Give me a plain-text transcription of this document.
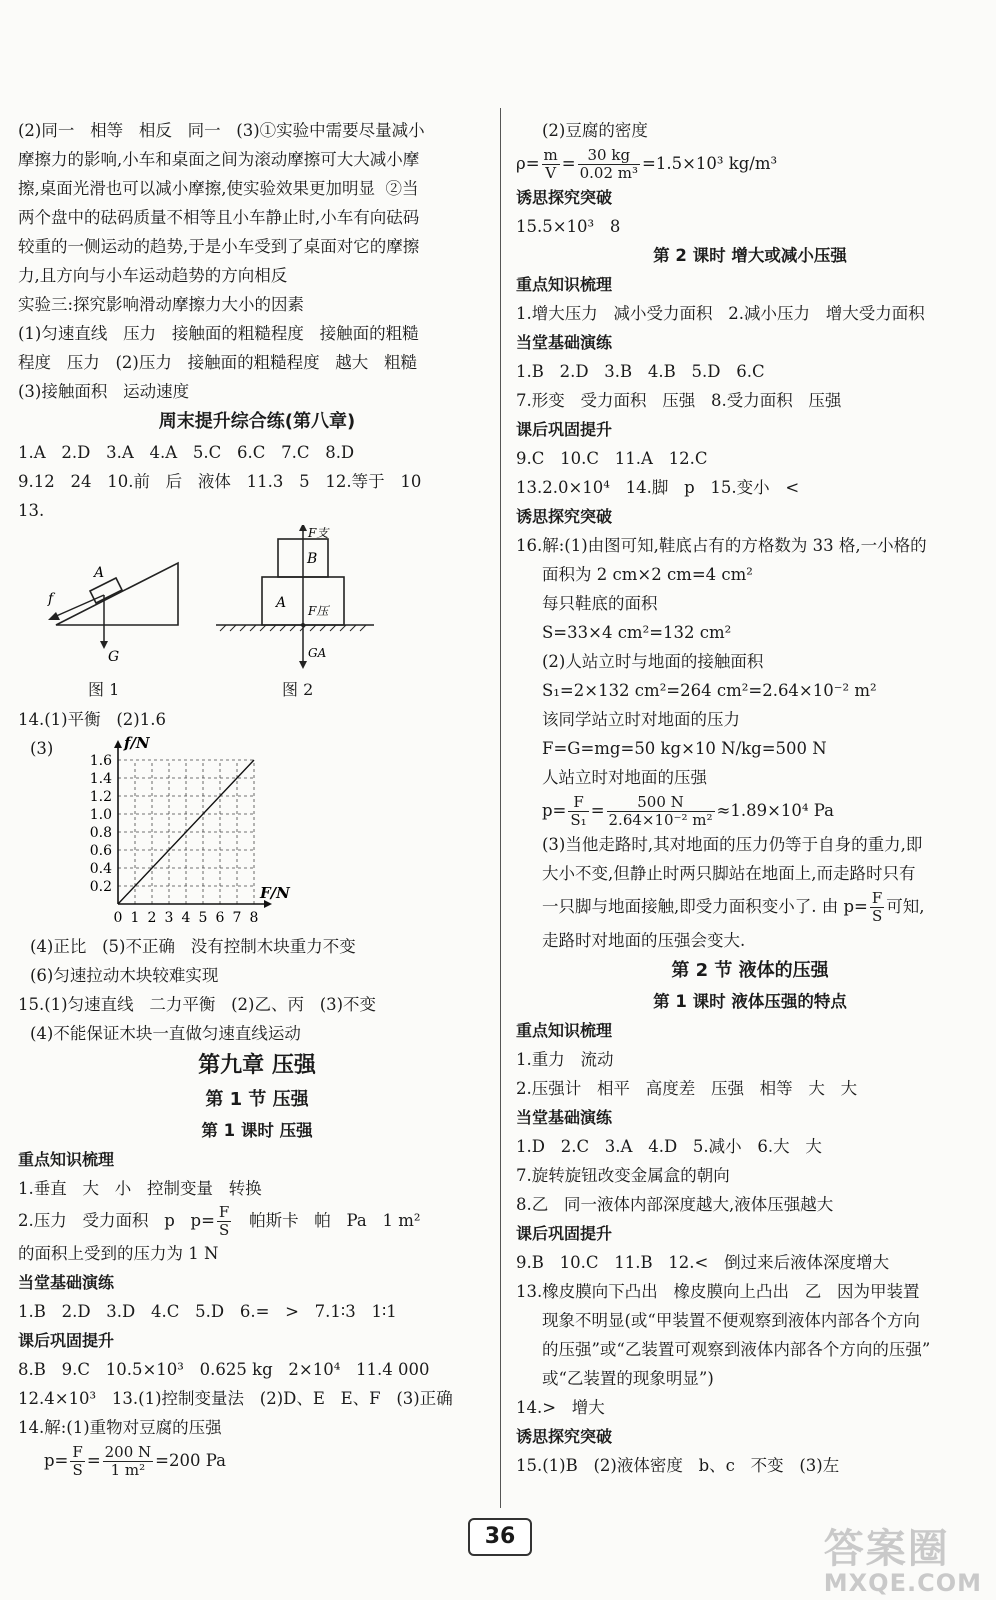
(2)同一   相等   相反   同一   (3)①实验中需要尽量减小
摩擦力的影响,小车和桌面之间为滚动摩擦可大大减小摩
擦,桌面光滑也可以减小摩擦,使实验效果更加明显  ②当
两个盘中的砝码质量不相等且小车静止时,小车有向砝码
较重的一侧运动的趋势,于是小车受到了桌面对它的摩擦
力,且方向与小车运动趋势的方向相反
实验三:探究影响滑动摩擦力大小的因素
(1)匀速直线   压力   接触面的粗糙程度   接触面的粗糙
程度   压力   (2)压力   接触面的粗糙程度   越大   粗糙
(3)接触面积   运动速度
周末提升综合练(第八章)
1.A   2.D   3.A   4.A   5.C   6.C   7.C   8.D
9.12   24   10.前   后   液体   11.3   5   12.等于   10
13.
A
f
G
F支
B
A F压
GA
图 1	图 2
14.(1)平衡   (2)1.6
(3)
0 1 2 3 4 5 6 7 8
0.2
0.4
0.6
0.8
1.0
1.2
1.4
1.6
F/N
f/N
(4)正比   (5)不正确   没有控制木块重力不变
(6)匀速拉动木块较难实现
15.(1)匀速直线   二力平衡   (2)乙、丙   (3)不变
(4)不能保证木块一直做匀速直线运动
第九章 压强
第 1 节 压强
第 1 课时 压强
重点知识梳理
1.垂直   大   小   控制变量   转换
2.压力   受力面积   p   $p= \frac{F}{S}$ 帕斯卡   帕   Pa   1 m²
的面积上受到的压力为 1 N
当堂基础演练
1.B   2.D   3.D   4.C   5.D   6.=   >   7.1∶3   1∶1
课后巩固提升
8.B   9.C   10.5×10³   0.625 kg   2×10⁴   11.4 000
12.4×10³   13.(1)控制变量法   (2)D、E   E、F   (3)正确
14.解:(1)重物对豆腐的压强
$p= \frac{F}{S} = \frac{200 N}{\text{1 m²}} =200$ Pa
(2)豆腐的密度
$\rho= \frac{m}{V} = \frac{30 kg}{\text{0.02 m³}} =1.5\times 10^3$ kg/m³
诱思探究突破
15.5×10³   8
第 2 课时 增大或减小压强
重点知识梳理
1.增大压力   减小受力面积   2.减小压力   增大受力面积
当堂基础演练
1.B   2.D   3.B   4.B   5.D   6.C
7.形变   受力面积   压强   8.受力面积   压强
课后巩固提升
9.C   10.C   11.A   12.C
13.2.0×10⁴   14.脚   p   15.变小   <
诱思探究突破
16.解:(1)由图可知,鞋底占有的方格数为 33 格,一小格的
面积为 2 cm×2 cm=4 cm²
每只鞋底的面积
S=33×4 cm²=132 cm²
(2)人站立时与地面的接触面积
S₁=2×132 cm²=264 cm²=2.64×10⁻² m²
该同学站立时对地面的压力
F=G=mg=50 kg×10 N/kg=500 N
人站立时对地面的压强
$p= \frac{F}{\text{S₁}} = \frac{500 N}{\text{2.64×10⁻² m²}} \approx 1.89\times 10^4$ Pa
(3)当他走路时,其对地面的压力仍等于自身的重力,即
大小不变,但静止时两只脚站在地面上,而走路时只有
一只脚与地面接触,即受力面积变小了. 由 $p= \frac{F}{S}$ 可知,
走路时对地面的压强会变大.
第 2 节 液体的压强
第 1 课时 液体压强的特点
重点知识梳理
1.重力   流动
2.压强计   相平   高度差   压强   相等   大   大
当堂基础演练
1.D   2.C   3.A   4.D   5.减小   6.大   大
7.旋转旋钮改变金属盒的朝向
8.乙   同一液体内部深度越大,液体压强越大
课后巩固提升
9.B   10.C   11.B   12.<   倒过来后液体深度增大
13.橡皮膜向下凸出   橡皮膜向上凸出   乙   因为甲装置
现象不明显(或“甲装置不便观察到液体内部各个方向
的压强”或“乙装置可观察到液体内部各个方向的压强”
或“乙装置的现象明显”)
14.>   增大
诱思探究突破
15.(1)B   (2)液体密度   b、c   不变   (3)左
36	答案圈
MXQE.COM
